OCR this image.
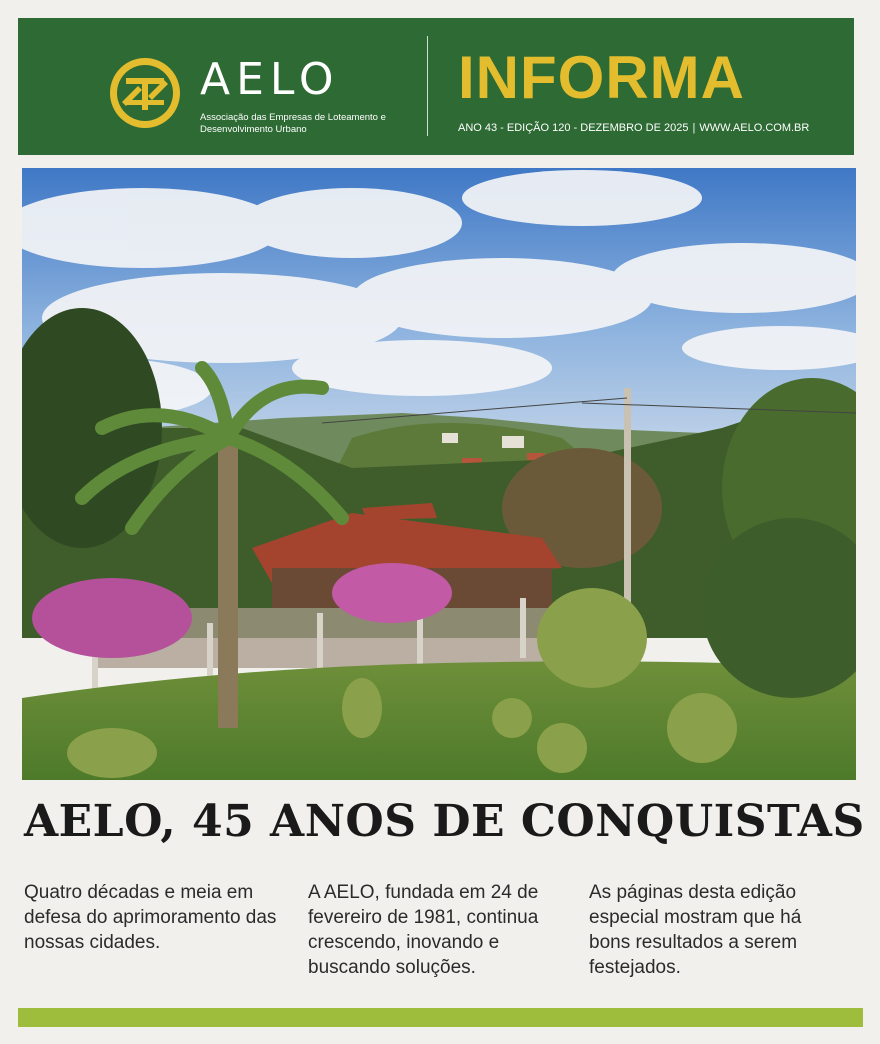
AELO
Associação das Empresas de Loteamento e Desenvolvimento Urbano
INFORMA
ANO 43 - EDIÇÃO 120 - DEZEMBRO DE 2025 | WWW.AELO.COM.BR
AELO, 45 ANOS DE CONQUISTAS

Quatro décadas e meia em defesa do aprimoramento das nossas cidades.

A AELO, fundada em 24 de fevereiro de 1981, continua crescendo, inovando e buscando soluções.

As páginas desta edição especial mostram que há bons resultados a serem festejados.
